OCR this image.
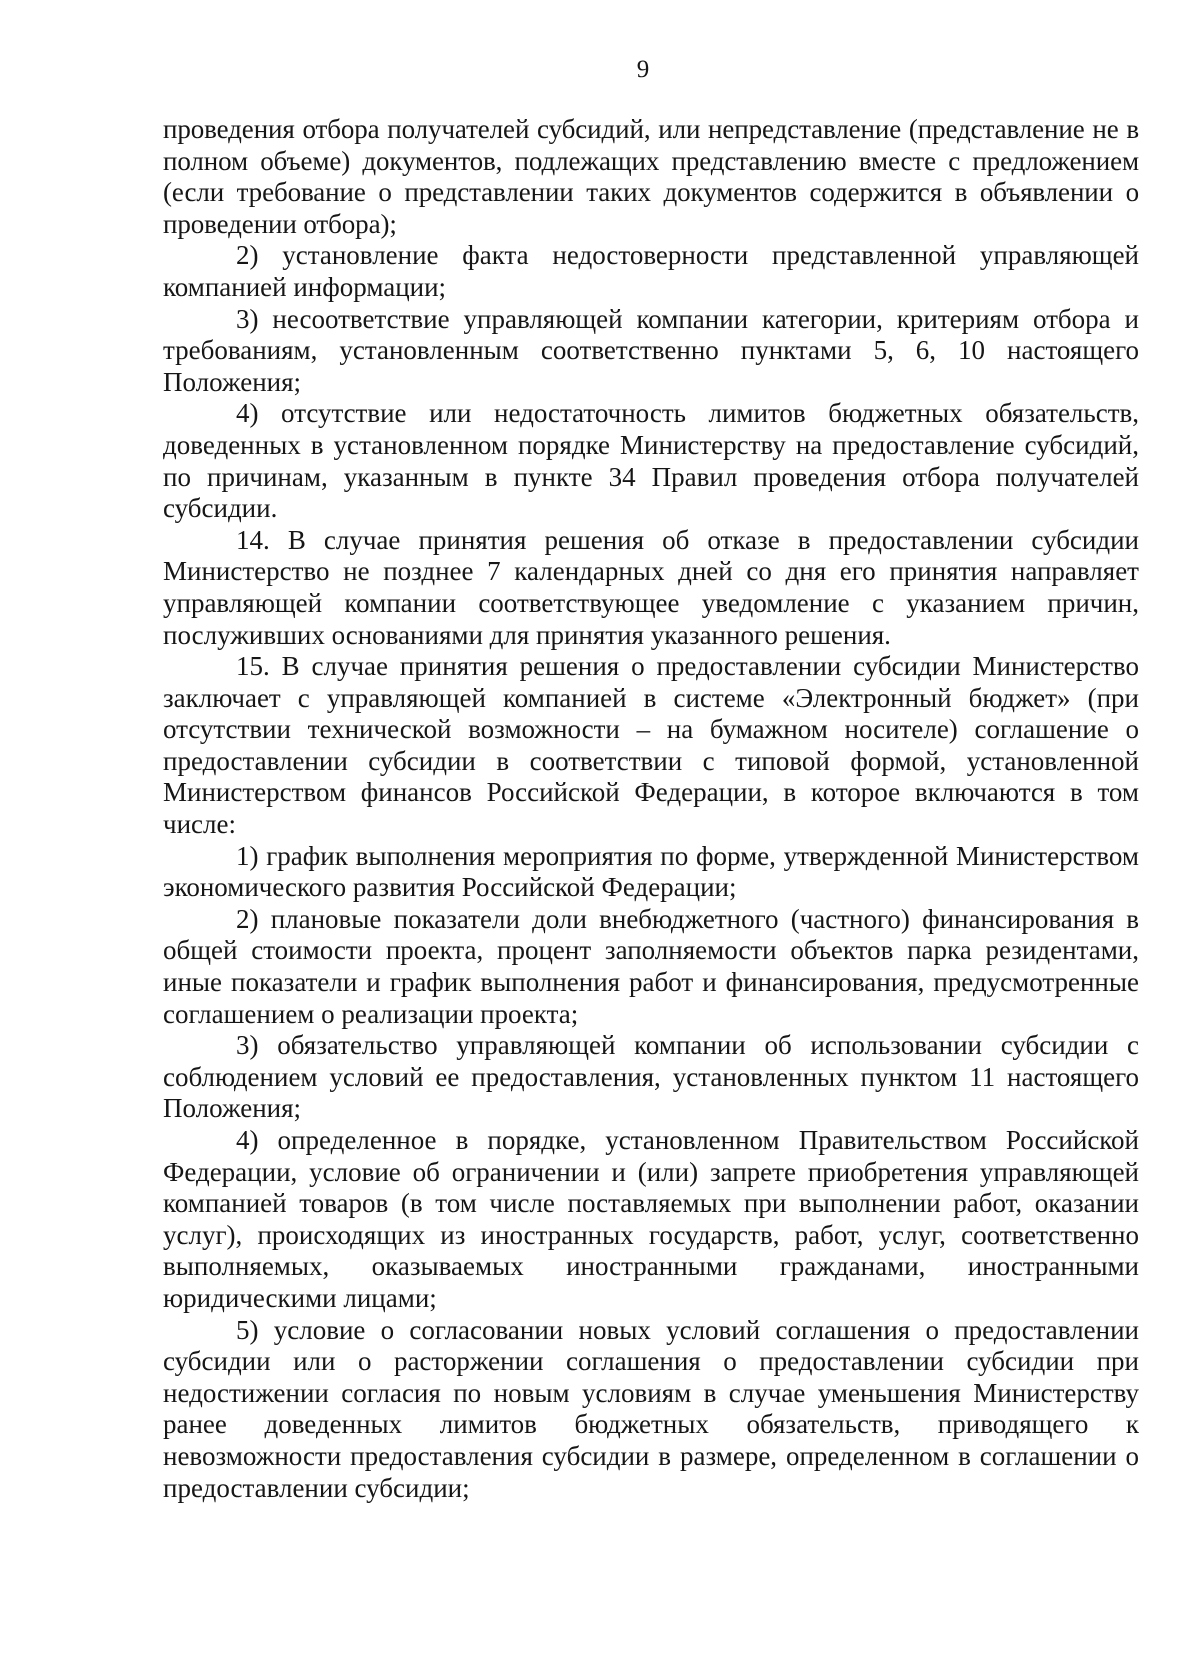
9

проведения отбора получателей субсидий, или непредставление (представление не в полном объеме) документов, подлежащих представлению вместе с предложением (если требование о представлении таких документов содержится в объявлении о проведении отбора);

2) установление факта недостоверности представленной управляющей компанией информации;

3) несоответствие управляющей компании категории, критериям отбора и требованиям, установленным соответственно пунктами 5, 6, 10 настоящего Положения;

4) отсутствие или недостаточность лимитов бюджетных обязательств, доведенных в установленном порядке Министерству на предоставление субсидий, по причинам, указанным в пункте 34 Правил проведения отбора получателей субсидии.

14. В случае принятия решения об отказе в предоставлении субсидии Министерство не позднее 7 календарных дней со дня его принятия направляет управляющей компании соответствующее уведомление с указанием причин, послуживших основаниями для принятия указанного решения.

15. В случае принятия решения о предоставлении субсидии Министерство заключает с управляющей компанией в системе «Электронный бюджет» (при отсутствии технической возможности – на бумажном носителе) соглашение о предоставлении субсидии в соответствии с типовой формой, установленной Министерством финансов Российской Федерации, в которое включаются в том числе:

1) график выполнения мероприятия по форме, утвержденной Министерством экономического развития Российской Федерации;

2) плановые показатели доли внебюджетного (частного) финансирования в общей стоимости проекта, процент заполняемости объектов парка резидентами, иные показатели и график выполнения работ и финансирования, предусмотренные соглашением о реализации проекта;

3) обязательство управляющей компании об использовании субсидии с соблюдением условий ее предоставления, установленных пунктом 11 настоящего Положения;

4) определенное в порядке, установленном Правительством Российской Федерации, условие об ограничении и (или) запрете приобретения управляющей компанией товаров (в том числе поставляемых при выполнении работ, оказании услуг), происходящих из иностранных государств, работ, услуг, соответственно выполняемых, оказываемых иностранными гражданами, иностранными юридическими лицами;

5) условие о согласовании новых условий соглашения о предоставлении субсидии или о расторжении соглашения о предоставлении субсидии при недостижении согласия по новым условиям в случае уменьшения Министерству ранее доведенных лимитов бюджетных обязательств, приводящего к невозможности предоставления субсидии в размере, определенном в соглашении о предоставлении субсидии;
